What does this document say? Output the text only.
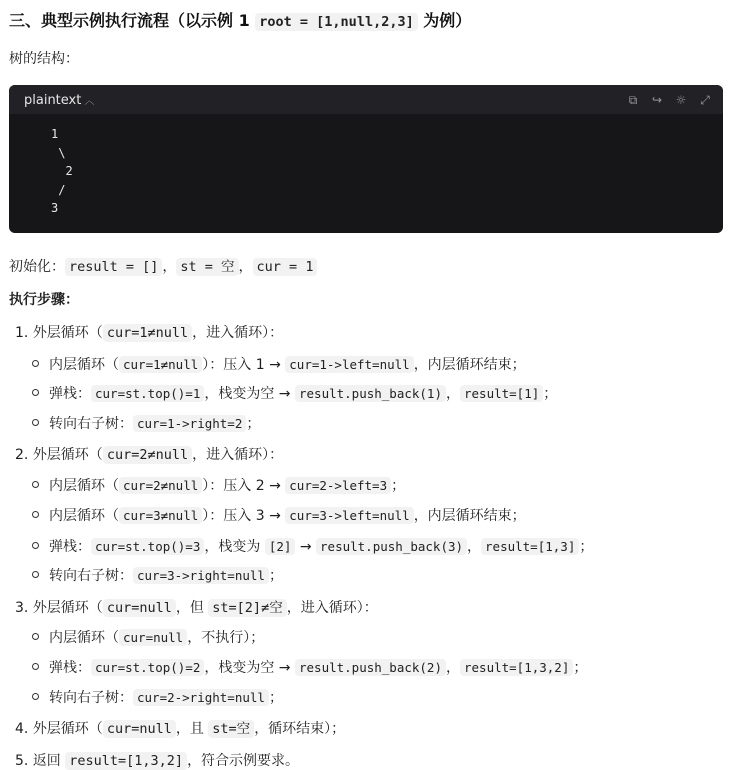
三、典型示例执行流程（以示例 1 root = [1,null,2,3] 为例）
树的结构：
plaintext ︿	⧉ ↪ ☼ ⤢
1
\
2
/
3
初始化： result = [] ， st = 空 ， cur = 1
执行步骤：
1. 外层循环（ cur=1≠null ，进入循环）：
内层循环（ cur=1≠null ）：压入 1 → cur=1->left=null ，内层循环结束；
弹栈： cur=st.top()=1 ，栈变为空 → result.push_back(1) ， result=[1] ；
转向右子树： cur=1->right=2 ；
2. 外层循环（ cur=2≠null ，进入循环）：
内层循环（ cur=2≠null ）：压入 2 → cur=2->left=3 ；
内层循环（ cur=3≠null ）：压入 3 → cur=3->left=null ，内层循环结束；
弹栈： cur=st.top()=3 ，栈变为 [2] → result.push_back(3) ， result=[1,3] ；
转向右子树： cur=3->right=null ；
3. 外层循环（ cur=null ，但 st=[2]≠空 ，进入循环）：
内层循环（ cur=null ，不执行）；
弹栈： cur=st.top()=2 ，栈变为空 → result.push_back(2) ， result=[1,3,2] ；
转向右子树： cur=2->right=null ；
4. 外层循环（ cur=null ，且 st=空 ，循环结束）；
5. 返回 result=[1,3,2] ，符合示例要求。
